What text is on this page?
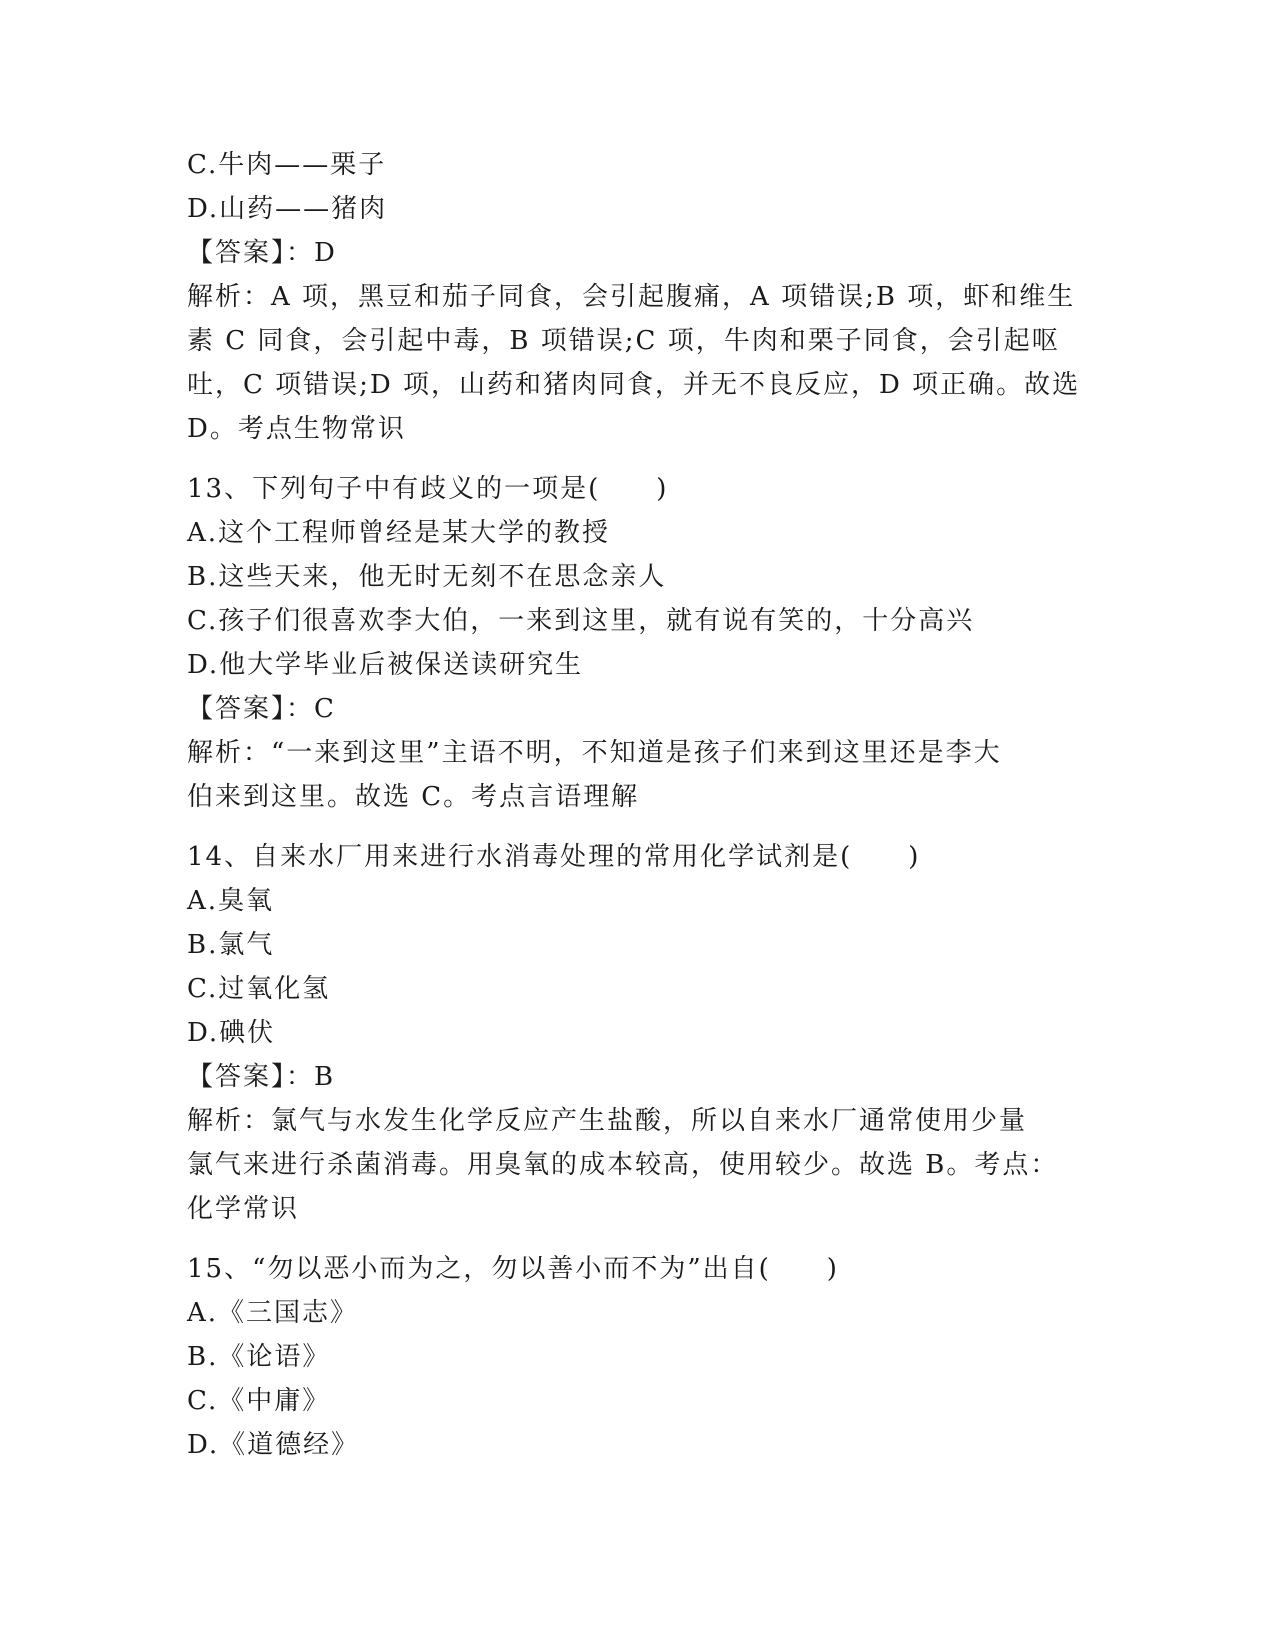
C.牛肉——栗子
D.山药——猪肉
【答案】：D
解析：A 项，黑豆和茄子同食，会引起腹痛，A 项错误;B 项，虾和维生
素 C 同食，会引起中毒，B 项错误;C 项，牛肉和栗子同食，会引起呕
吐，C 项错误;D 项，山药和猪肉同食，并无不良反应，D 项正确。故选
D。考点生物常识
13、下列句子中有歧义的一项是(　　)
A.这个工程师曾经是某大学的教授
B.这些天来，他无时无刻不在思念亲人
C.孩子们很喜欢李大伯，一来到这里，就有说有笑的，十分高兴
D.他大学毕业后被保送读研究生
【答案】：C
解析：“一来到这里”主语不明，不知道是孩子们来到这里还是李大
伯来到这里。故选 C。考点言语理解
14、自来水厂用来进行水消毒处理的常用化学试剂是(　　)
A.臭氧
B.氯气
C.过氧化氢
D.碘伏
【答案】：B
解析：氯气与水发生化学反应产生盐酸，所以自来水厂通常使用少量
氯气来进行杀菌消毒。用臭氧的成本较高，使用较少。故选 B。考点：
化学常识
15、“勿以恶小而为之，勿以善小而不为”出自(　　)
A.《三国志》
B.《论语》
C.《中庸》
D.《道德经》
